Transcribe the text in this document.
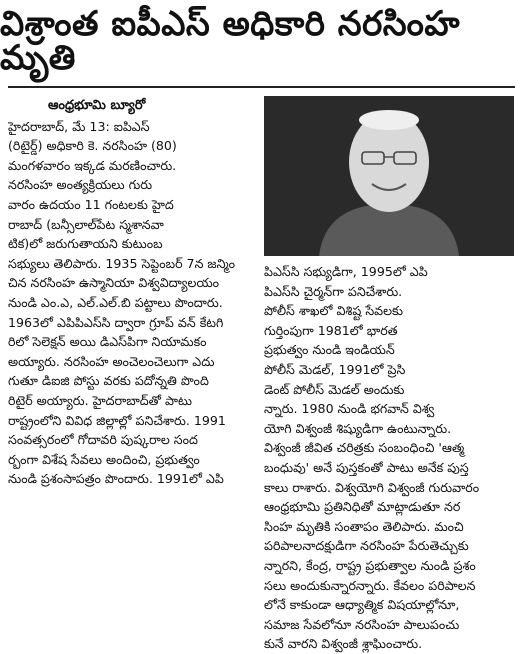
విశ్రాంత ఐపీఎస్ అధికారి నరసింహ మృతి
ఆంధ్రభూమి బ్యూరో
హైదరాబాద్, మే 13: ఐపిఎస్
(రిటైర్డ్) అధికారి కె. నరసింహ (80)
మంగళవారం ఇక్కడ మరణించారు.
నరసింహ అంత్యక్రియలు గురు
వారం ఉదయం 11 గంటలకు హైద
రాబాద్ (బన్సీలాల్‌పేట స్మశానవా
టిక)లో జరుగుతాయని కుటుంబ
సభ్యులు తెలిపారు. 1935 సెప్టెంబర్ 7న జన్మిం
చిన నరసింహ ఉస్మానియా విశ్వవిద్యాలయం
నుండి ఎం.ఎ, ఎల్.ఎల్.బి పట్టాలు పొందారు.
1963లో ఎపిపిఎస్‌సి ద్వారా గ్రూప్ వన్ కేటగి
రిలో సెలెక్షన్ అయి డిఎస్‌పిగా నియామకం
అయ్యారు. నరసింహ అంచెలంచెలుగా ఎదు
గుతూ డిఐజి పోస్టు వరకు పదోన్నతి పొంది
రిటైర్ అయ్యారు. హైదరాబాద్‌తో పాటు
రాష్ట్రంలోని వివిధ జిల్లాల్లో పనిచేశారు. 1991
సంవత్సరంలో గోదావరి పుష్కరాల సంద
ర్భంగా విశేష సేవలు అందించి, ప్రభుత్వం
నుండి ప్రశంసాపత్రం పొందారు. 1991లో ఎపి
పిఎస్‌సి సభ్యుడిగా, 1995లో ఎపి
పిఎస్‌సి చైర్మన్‌గా పనిచేశారు.
పోలీస్ శాఖలో విశిష్ట సేవలకు
గుర్తింపుగా 1981లో భారత
ప్రభుత్వం నుండి ఇండియన్
పోలీస్ మెడల్, 1991లో ప్రెసి
డెంట్ పోలీస్ మెడల్ అందుకు
న్నారు. 1980 నుండి భగవాన్ విశ్వ
యోగి విశ్వంజీ శిష్యుడిగా ఉంటున్నారు.
విశ్వంజీ జీవిత చరిత్రకు సంబంధించి 'ఆత్మ
బంధువు' అనే పుస్తకంతో పాటు అనేక పుస్త
కాలు రాశారు. విశ్వయోగి విశ్వంజీ గురువారం
ఆంధ్రభూమి ప్రతినిధితో మాట్లాడుతూ నర
సింహ మృతికి సంతాపం తెలిపారు. మంచి
పరిపాలనాదక్షుడిగా నరసింహ పేరుతెచ్చుకు
న్నారని, కేంద్ర, రాష్ట్ర ప్రభుత్వాల నుండి ప్రశం
సలు అందుకున్నారన్నారు. కేవలం పరిపాలన
లోనే కాకుండా ఆధ్యాత్మిక విషయాల్లోనూ,
సమాజ సేవలోనూ నరసింహ పాలుపంచు
కునే వారని విశ్వంజీ శ్లాఘించారు.
